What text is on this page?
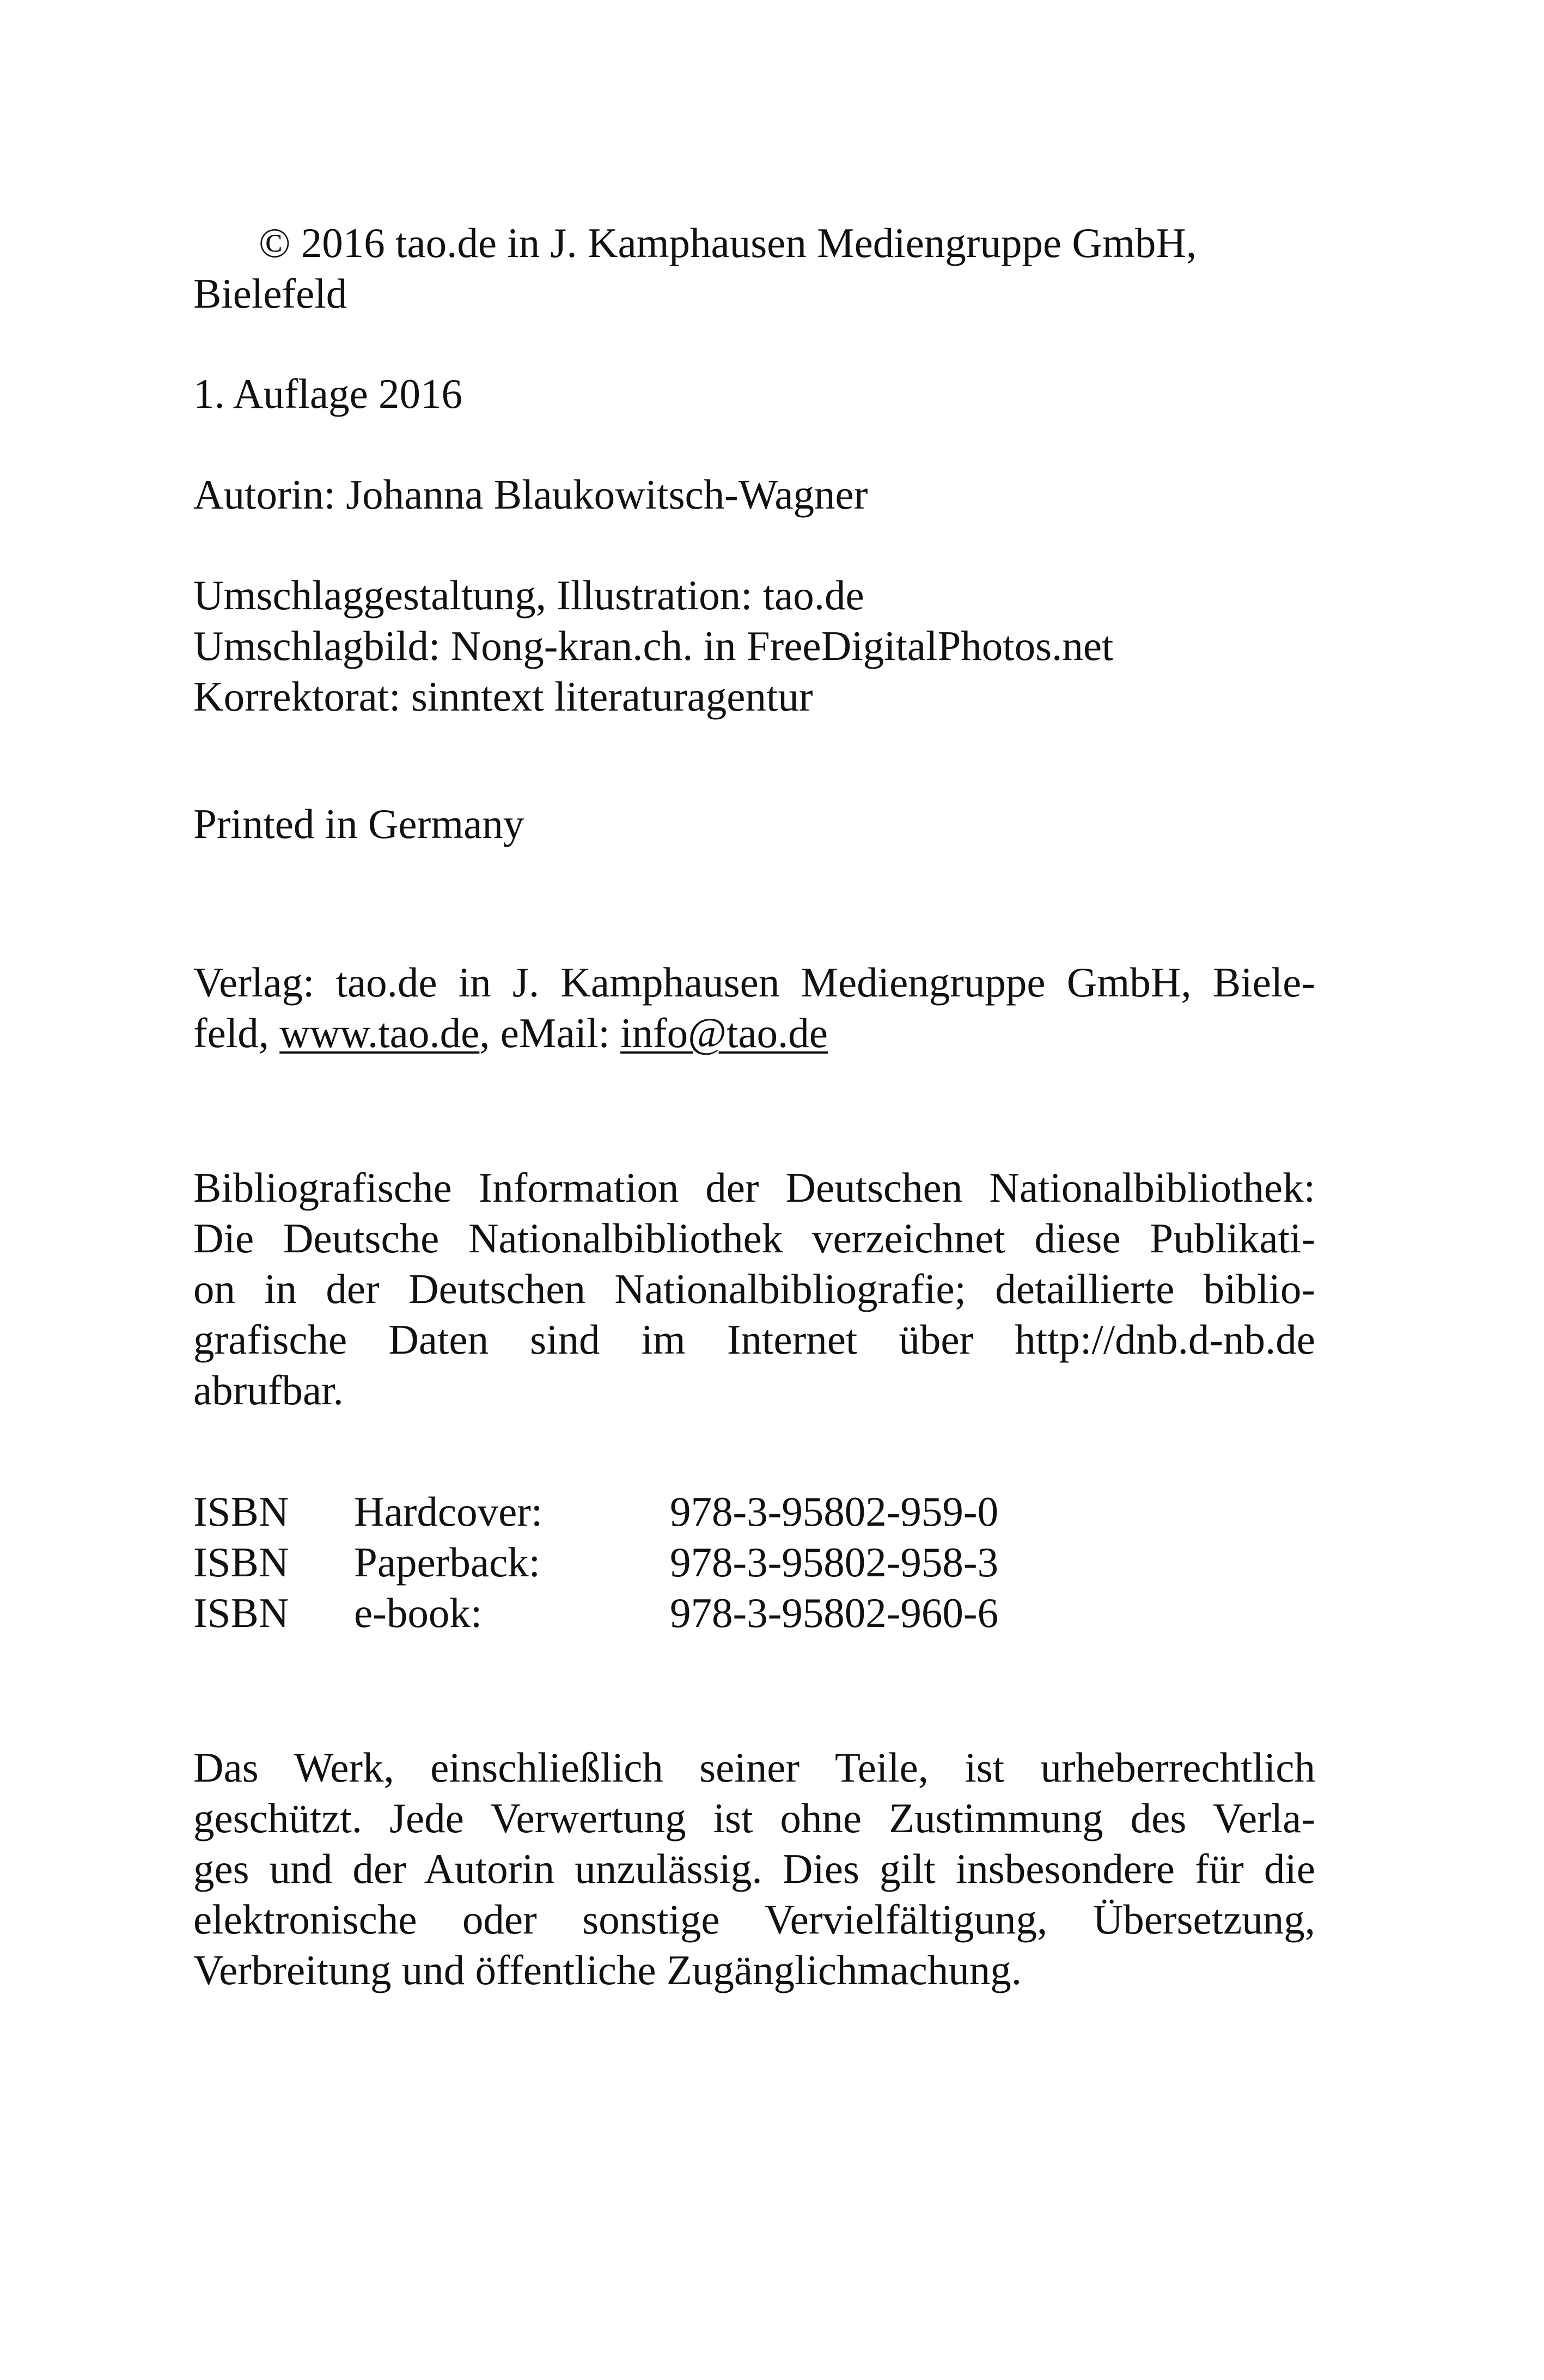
© 2016 tao.de in J. Kamphausen Mediengruppe GmbH,
Bielefeld
1. Auflage 2016
Autorin: Johanna Blaukowitsch-Wagner
Umschlaggestaltung, Illustration: tao.de
Umschlagbild: Nong-kran.ch. in FreeDigitalPhotos.net
Korrektorat: sinntext literaturagentur
Printed in Germany
Verlag: tao.de in J. Kamphausen Mediengruppe GmbH, Biele-
feld, www.tao.de, eMail: info@tao.de
Bibliografische Information der Deutschen Nationalbibliothek:
Die Deutsche Nationalbibliothek verzeichnet diese Publikati-
on in der Deutschen Nationalbibliografie; detaillierte biblio-
grafische Daten sind im Internet über http://dnb.d-nb.de
abrufbar.
ISBN Hardcover:	978-3-95802-959-0
ISBN Paperback:	978-3-95802-958-3
ISBN e-book:	978-3-95802-960-6
Das Werk, einschließlich seiner Teile, ist urheberrechtlich
geschützt. Jede Verwertung ist ohne Zustimmung des Verla-
ges und der Autorin unzulässig. Dies gilt insbesondere für die
elektronische oder sonstige Vervielfältigung, Übersetzung,
Verbreitung und öffentliche Zugänglichmachung.
